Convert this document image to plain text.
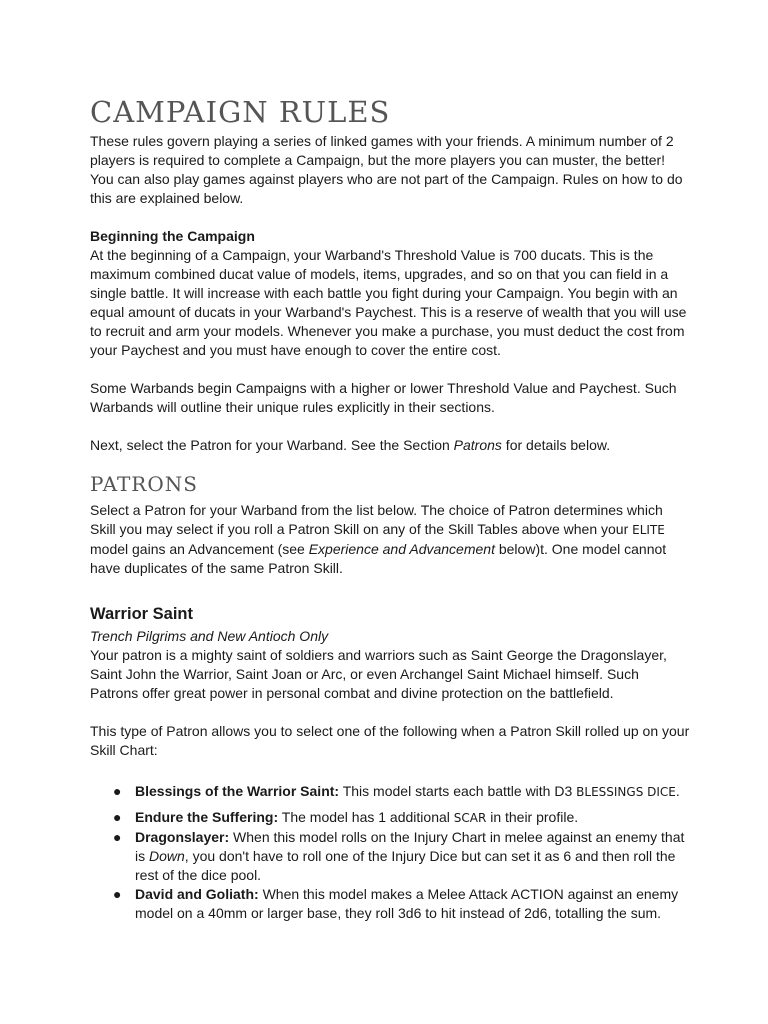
CAMPAIGN RULES

These rules govern playing a series of linked games with your friends. A minimum number of 2 players is required to complete a Campaign, but the more players you can muster, the better! You can also play games against players who are not part of the Campaign. Rules on how to do this are explained below.

Beginning the Campaign

At the beginning of a Campaign, your Warband's Threshold Value is 700 ducats. This is the maximum combined ducat value of models, items, upgrades, and so on that you can field in a single battle. It will increase with each battle you fight during your Campaign. You begin with an equal amount of ducats in your Warband's Paychest. This is a reserve of wealth that you will use to recruit and arm your models. Whenever you make a purchase, you must deduct the cost from your Paychest and you must have enough to cover the entire cost.

Some Warbands begin Campaigns with a higher or lower Threshold Value and Paychest. Such Warbands will outline their unique rules explicitly in their sections.

Next, select the Patron for your Warband. See the Section Patrons for details below.

PATRONS

Select a Patron for your Warband from the list below. The choice of Patron determines which Skill you may select if you roll a Patron Skill on any of the Skill Tables above when your ELITE model gains an Advancement (see Experience and Advancement below)t. One model cannot have duplicates of the same Patron Skill.

Warrior Saint

Trench Pilgrims and New Antioch Only

Your patron is a mighty saint of soldiers and warriors such as Saint George the Dragonslayer, Saint John the Warrior, Saint Joan or Arc, or even Archangel Saint Michael himself. Such Patrons offer great power in personal combat and divine protection on the battlefield.

This type of Patron allows you to select one of the following when a Patron Skill rolled up on your Skill Chart:

● Blessings of the Warrior Saint: This model starts each battle with D3 BLESSINGS DICE.
● Endure the Suffering: The model has 1 additional SCAR in their profile.
● Dragonslayer: When this model rolls on the Injury Chart in melee against an enemy that is Down, you don't have to roll one of the Injury Dice but can set it as 6 and then roll the rest of the dice pool.
● David and Goliath: When this model makes a Melee Attack ACTION against an enemy model on a 40mm or larger base, they roll 3d6 to hit instead of 2d6, totalling the sum.
